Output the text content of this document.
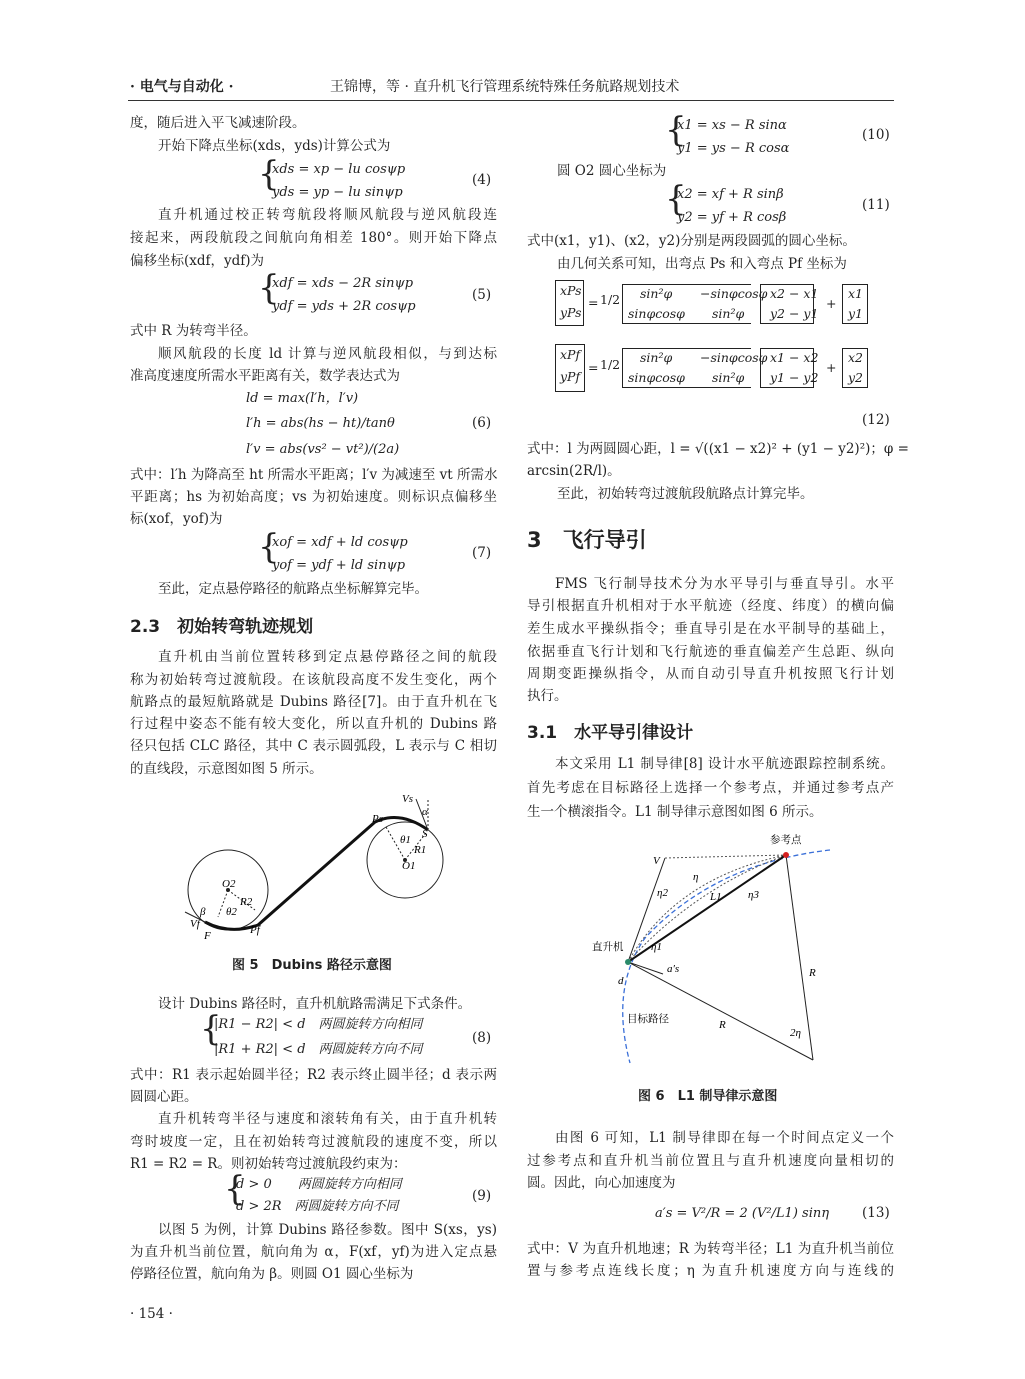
· 电气与自动化 ·	王锦博，等 · 直升机飞行管理系统特殊任务航路规划技术
度，随后进入平飞减速阶段。
开始下降点坐标(xds，yds)计算公式为
{
xds = xp − lu cosψp
yds = yp − lu sinψp
(4)
直升机通过校正转弯航段将顺风航段与逆风航段连
接起来，两段航段之间航向角相差 180°。则开始下降点
偏移坐标(xdf，ydf)为
{
xdf = xds − 2R sinψp
ydf = yds + 2R cosψp
(5)
式中 R 为转弯半径。
顺风航段的长度 ld 计算与逆风航段相似，与到达标
准高度速度所需水平距离有关，数学表达式为
ld = max(l′h，l′v)
l′h = abs(hs − ht)/tanθ
l′v = abs(vs² − vt²)/(2a)
(6)
式中：l′h 为降高至 ht 所需水平距离；l′v 为减速至 vt 所需水
平距离；hs 为初始高度；vs 为初始速度。则标识点偏移坐
标(xof，yof)为
{
xof = xdf + ld cosψp
yof = ydf + ld sinψp
(7)
至此，定点悬停路径的航路点坐标解算完毕。
2.3　初始转弯轨迹规划
直升机由当前位置转移到定点悬停路径之间的航段
称为初始转弯过渡航段。在该航段高度不发生变化，两个
航路点的最短航路就是 Dubins 路径[7]。由于直升机在飞
行过程中姿态不能有较大变化，所以直升机的 Dubins 路
径只包括 CLC 路径，其中 C 表示圆弧段，L 表示与 C 相切
的直线段，示意图如图 5 所示。
Vs
α
Ps
θ1 S
R1
O1
O2
R2
θ2
β
Vf
F	Pf
图 5　Dubins 路径示意图
设计 Dubins 路径时，直升机航路需满足下式条件。
{
|R1 − R2| < d　两圆旋转方向相同
|R1 + R2| < d　两圆旋转方向不同
(8)
式中：R1 表示起始圆半径；R2 表示终止圆半径；d 表示两
圆圆心距。
直升机转弯半径与速度和滚转角有关，由于直升机转
弯时坡度一定，且在初始转弯过渡航段的速度不变，所以
R1 = R2 = R。则初始转弯过渡航段约束为：
{
d > 0　　两圆旋转方向相同
d > 2R　两圆旋转方向不同
(9)
以图 5 为例，计算 Dubins 路径参数。图中 S(xs，ys)
为直升机当前位置，航向角为 α，F(xf，yf)为进入定点悬
停路径位置，航向角为 β。则圆 O1 圆心坐标为
· 154 ·
{
x1 = xs − R sinα
y1 = ys − R cosα
(10)
圆 O2 圆心坐标为
{
x2 = xf + R sinβ
y2 = yf + R cosβ
(11)
式中(x1，y1)、(x2，y2)分别是两段圆弧的圆心坐标。
由几何关系可知，出弯点 Ps 和入弯点 Pf 坐标为
xPs
yPs
= 1/2 sin²φ −sinφcosφ
sinφcosφ sin²φ
x2 − x1
y2 − y1
+
x1
y1
xPf
yPf
= 1/2 sin²φ −sinφcosφ
sinφcosφ sin²φ
x1 − x2
y1 − y2
+
x2
y2
(12)
式中：l 为两圆圆心距，l = √((x1 − x2)² + (y1 − y2)²)；φ =
arcsin(2R/l)。
至此，初始转弯过渡航段航路点计算完毕。
3　飞行导引
FMS 飞行制导技术分为水平导引与垂直导引。水平
导引根据直升机相对于水平航迹（经度、纬度）的横向偏
差生成水平操纵指令；垂直导引是在水平制导的基础上，
依据垂直飞行计划和飞行航迹的垂直偏差产生总距、纵向
周期变距操纵指令，从而自动引导直升机按照飞行计划
执行。
3.1　水平导引律设计
本文采用 L1 制导律[8] 设计水平航迹跟踪控制系统。
首先考虑在目标路径上选择一个参考点，并通过参考点产
生一个横滚指令。L1 制导律示意图如图 6 所示。
参考点
直升机
目标路径
V
η
η2	η3
η1
L1
a′s
d
R
R
2η
图 6　L1 制导律示意图
由图 6 可知，L1 制导律即在每一个时间点定义一个
过参考点和直升机当前位置且与直升机速度向量相切的
圆。因此，向心加速度为
a′s = V²/R = 2 (V²/L1) sinη (13)
式中：V 为直升机地速；R 为转弯半径；L1 为直升机当前位
置与参考点连线长度；η 为直升机速度方向与连线的
